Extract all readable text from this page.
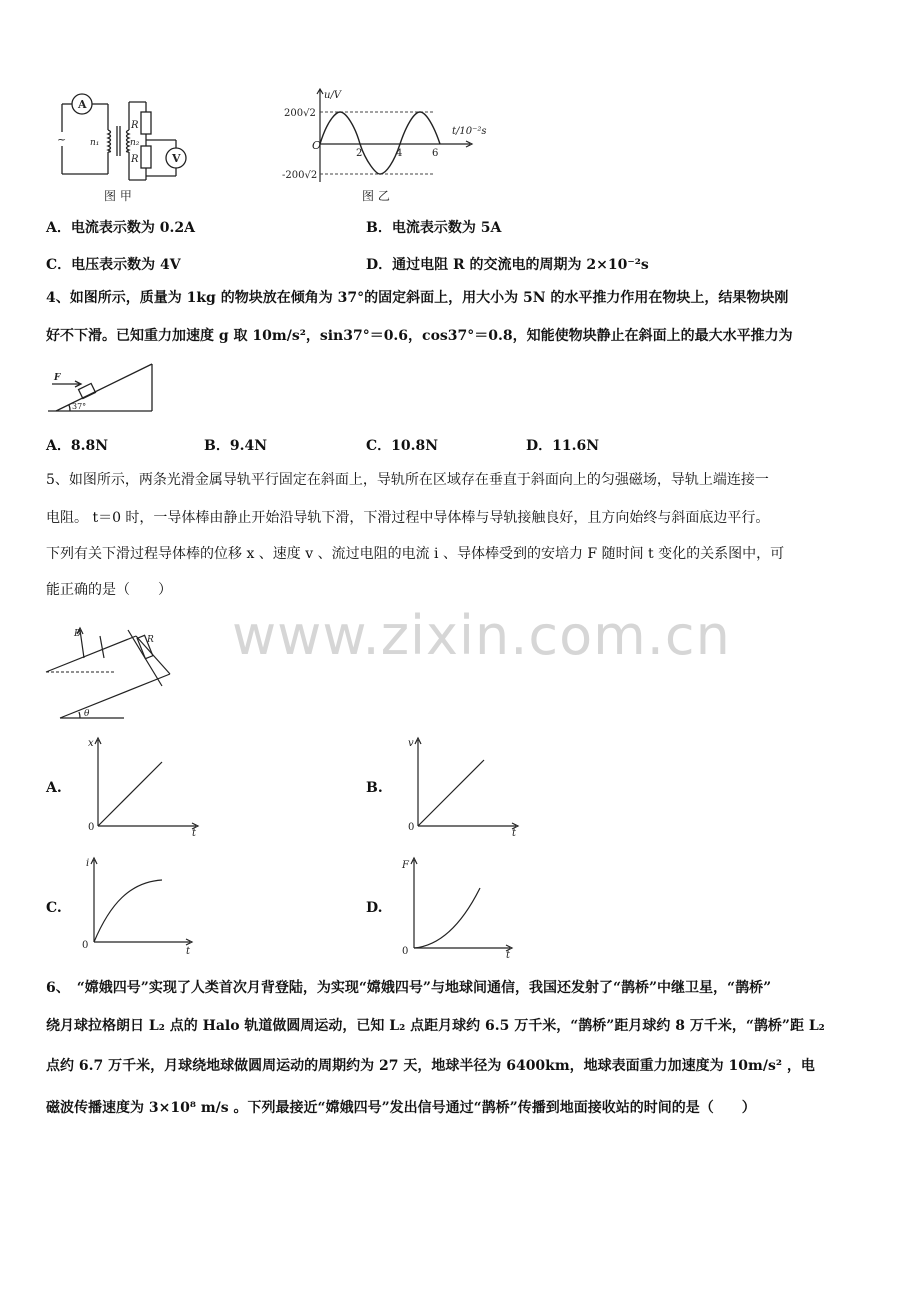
~
A
V
n₁	n₂
R
R
图 甲
u/V
t/10⁻²s
200√2
-200√2
O
2	4	6
图 乙
A．电流表示数为 0.2A	B．电流表示数为 5A
C．电压表示数为 4V	D．通过电阻 R 的交流电的周期为 2×10⁻²s
4、如图所示，质量为 1kg 的物块放在倾角为 37°的固定斜面上，用大小为 5N 的水平推力作用在物块上，结果物块刚
好不下滑。已知重力加速度 g 取 10m/s²，sin37°＝0.6，cos37°＝0.8，知能使物块静止在斜面上的最大水平推力为
F
37°
A．8.8N	B．9.4N	C．10.8N	D．11.6N
5、如图所示，两条光滑金属导轨平行固定在斜面上，导轨所在区域存在垂直于斜面向上的匀强磁场，导轨上端连接一
电阻。 t＝0 时，一导体棒由静止开始沿导轨下滑，下滑过程中导体棒与导轨接触良好，且方向始终与斜面底边平行。
下列有关下滑过程导体棒的位移 x 、速度 v 、流过电阻的电流 i 、导体棒受到的安培力 F 随时间 t 变化的关系图中，可
能正确的是（　　）
B
R
θ
A.
x
t
0
B.
v
t
0
C.
i
t
0
D.
F
t
0
6、　“嫦娥四号”实现了人类首次月背登陆，为实现“嫦娥四号”与地球间通信，我国还发射了“鹊桥”中继卫星，“鹊桥”
绕月球拉格朗日 L₂ 点的 Halo 轨道做圆周运动，已知 L₂ 点距月球约 6.5 万千米，“鹊桥”距月球约 8 万千米，“鹊桥”距 L₂
点约 6.7 万千米，月球绕地球做圆周运动的周期约为 27 天，地球半径为 6400km，地球表面重力加速度为 10m/s² ，电
磁波传播速度为 3×10⁸ m/s 。下列最接近“嫦娥四号”发出信号通过“鹊桥”传播到地面接收站的时间的是（　　）
www.zixin.com.cn
